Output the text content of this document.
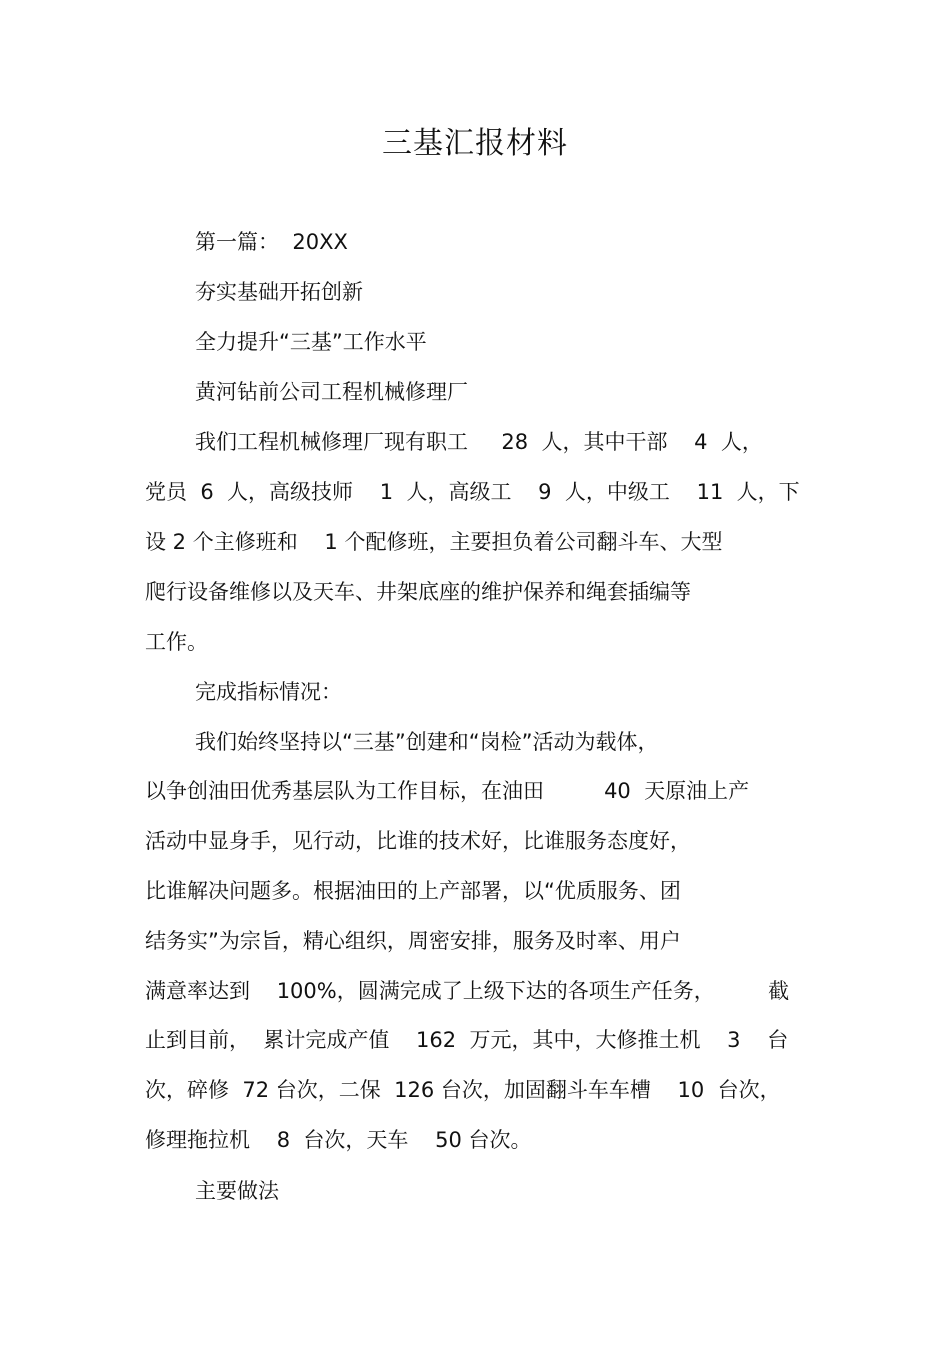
三基汇报材料
第一篇：  20XX
夯实基础开拓创新
全力提升“三基”工作水平
黄河钻前公司工程机械修理厂
我们工程机械修理厂现有职工     28  人，其中干部    4  人，
党员  6  人，高级技师    1  人，高级工    9  人，中级工    11  人，下
设 2 个主修班和    1 个配修班，主要担负着公司翻斗车、大型
爬行设备维修以及天车、井架底座的维护保养和绳套插编等
工作。
完成指标情况：
我们始终坚持以“三基”创建和“岗检”活动为载体，
以争创油田优秀基层队为工作目标，在油田         40  天原油上产
活动中显身手，见行动，比谁的技术好，比谁服务态度好，
比谁解决问题多。根据油田的上产部署，以“优质服务、团
结务实”为宗旨，精心组织，周密安排，服务及时率、用户
满意率达到    100%，圆满完成了上级下达的各项生产任务，        截
止到目前，  累计完成产值    162  万元，其中，大修推土机    3    台
次，碎修  72 台次，二保  126 台次，加固翻斗车车槽    10  台次，
修理拖拉机    8  台次，天车    50 台次。
主要做法
